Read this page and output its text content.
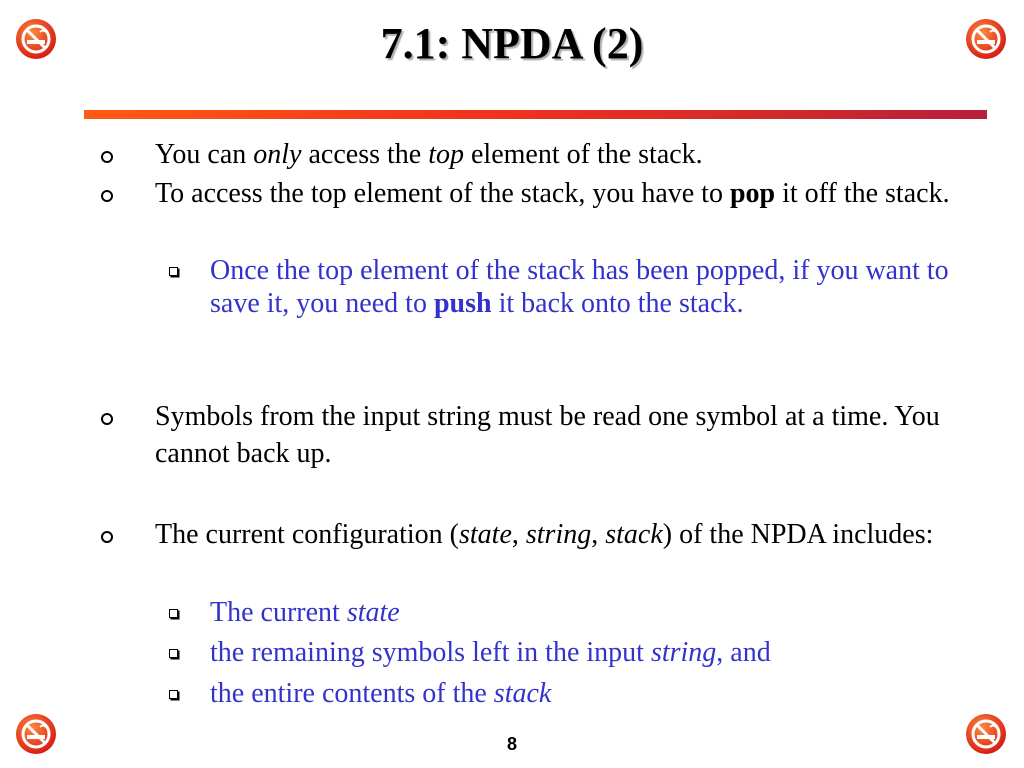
7.1: NPDA (2)
You can only access the top element of the stack.
To access the top element of the stack, you have to pop it off the stack.
Once the top element of the stack has been popped, if you want to save it, you need to push it back onto the stack.
Symbols from the input string must be read one symbol at a time. You cannot back up.
The current configuration (state, string, stack) of the NPDA includes:
The current state
the remaining symbols left in the input string, and
the entire contents of the stack
8
